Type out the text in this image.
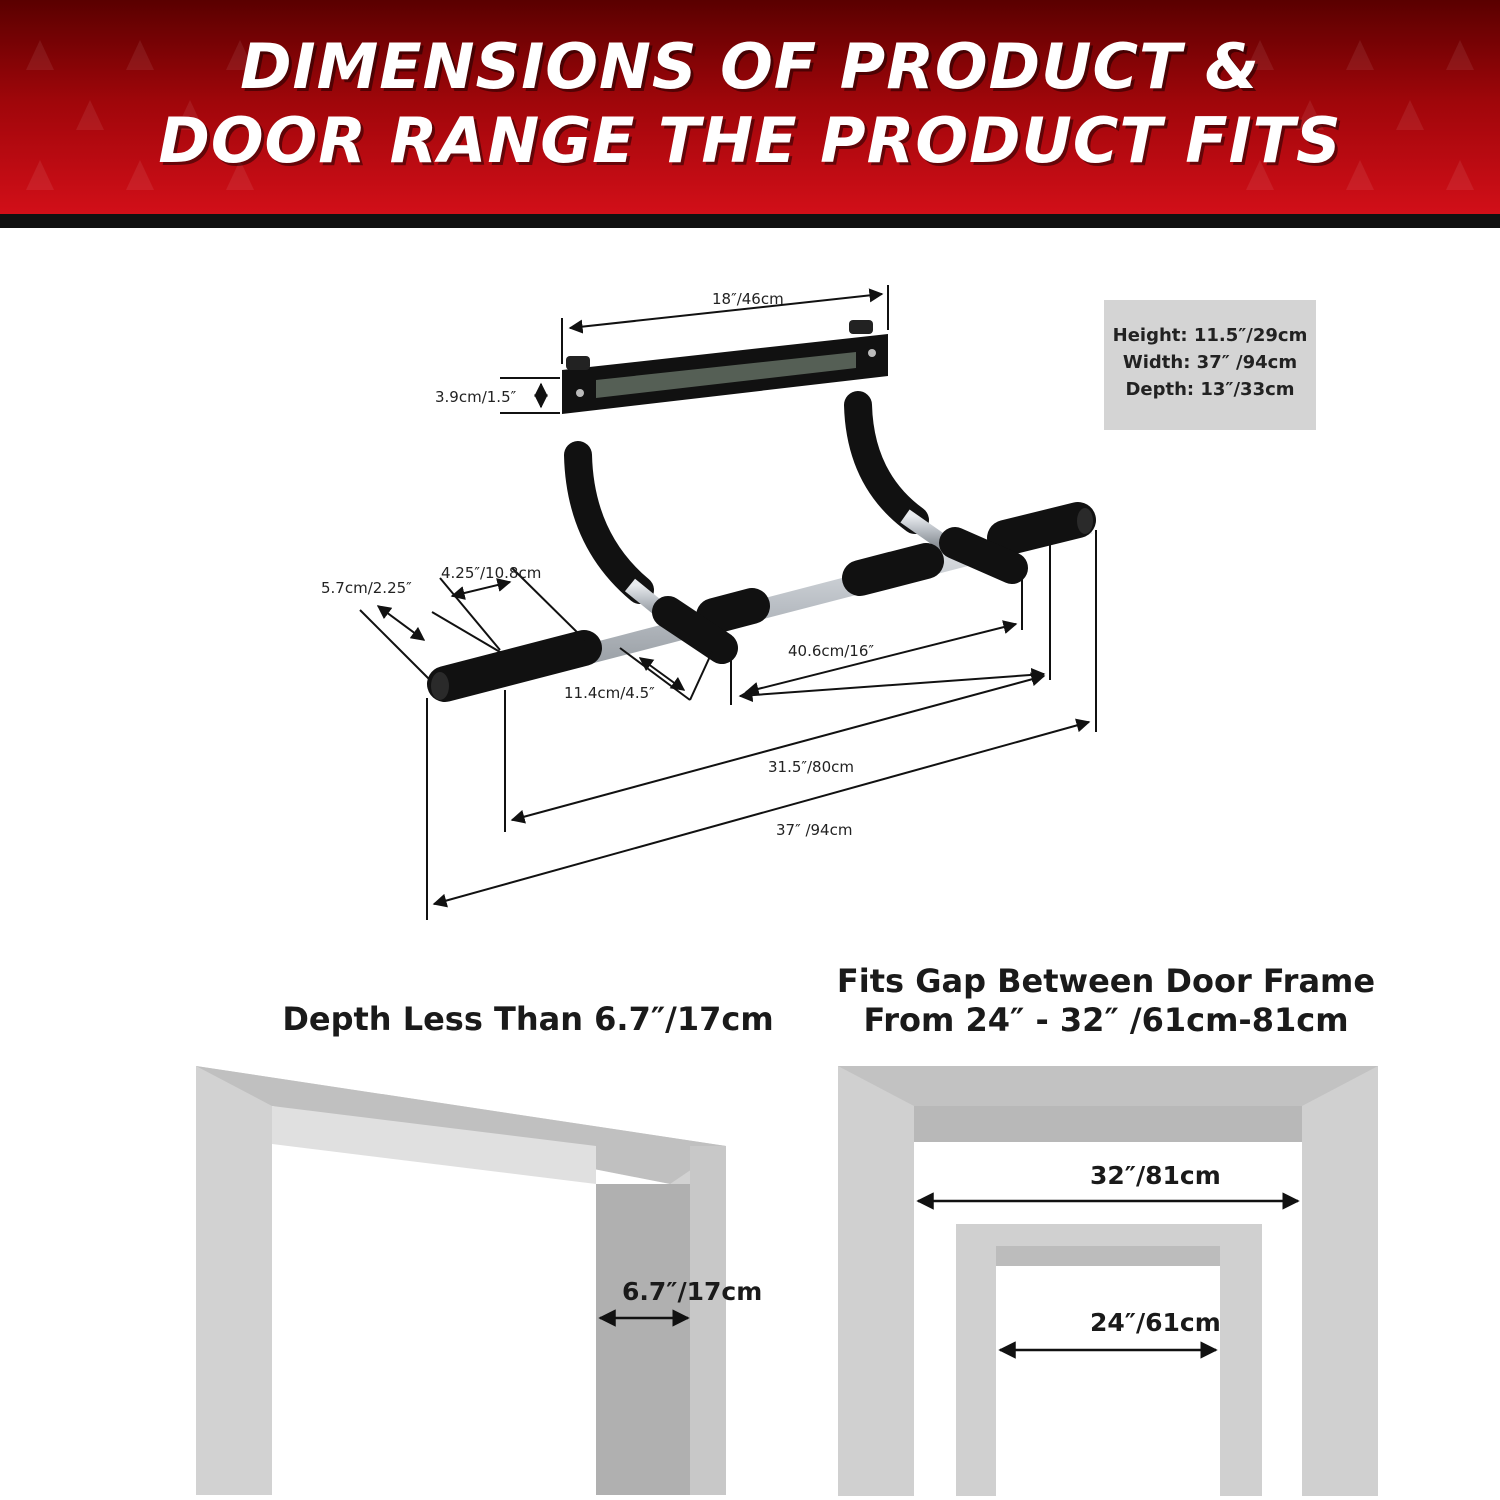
DIMENSIONS OF PRODUCT &
DOOR RANGE THE PRODUCT FITS
18″/46cm
3.9cm/1.5″
5.7cm/2.25″
4.25″/10.8cm
11.4cm/4.5″
40.6cm/16″
31.5″/80cm
37″ /94cm
6.7″/17cm
32″/81cm
24″/61cm
Height: 11.5″/29cm
Width: 37″ /94cm
Depth: 13″/33cm
Depth Less Than 6.7″/17cm
Fits Gap Between Door Frame
From 24″ - 32″ /61cm-81cm
